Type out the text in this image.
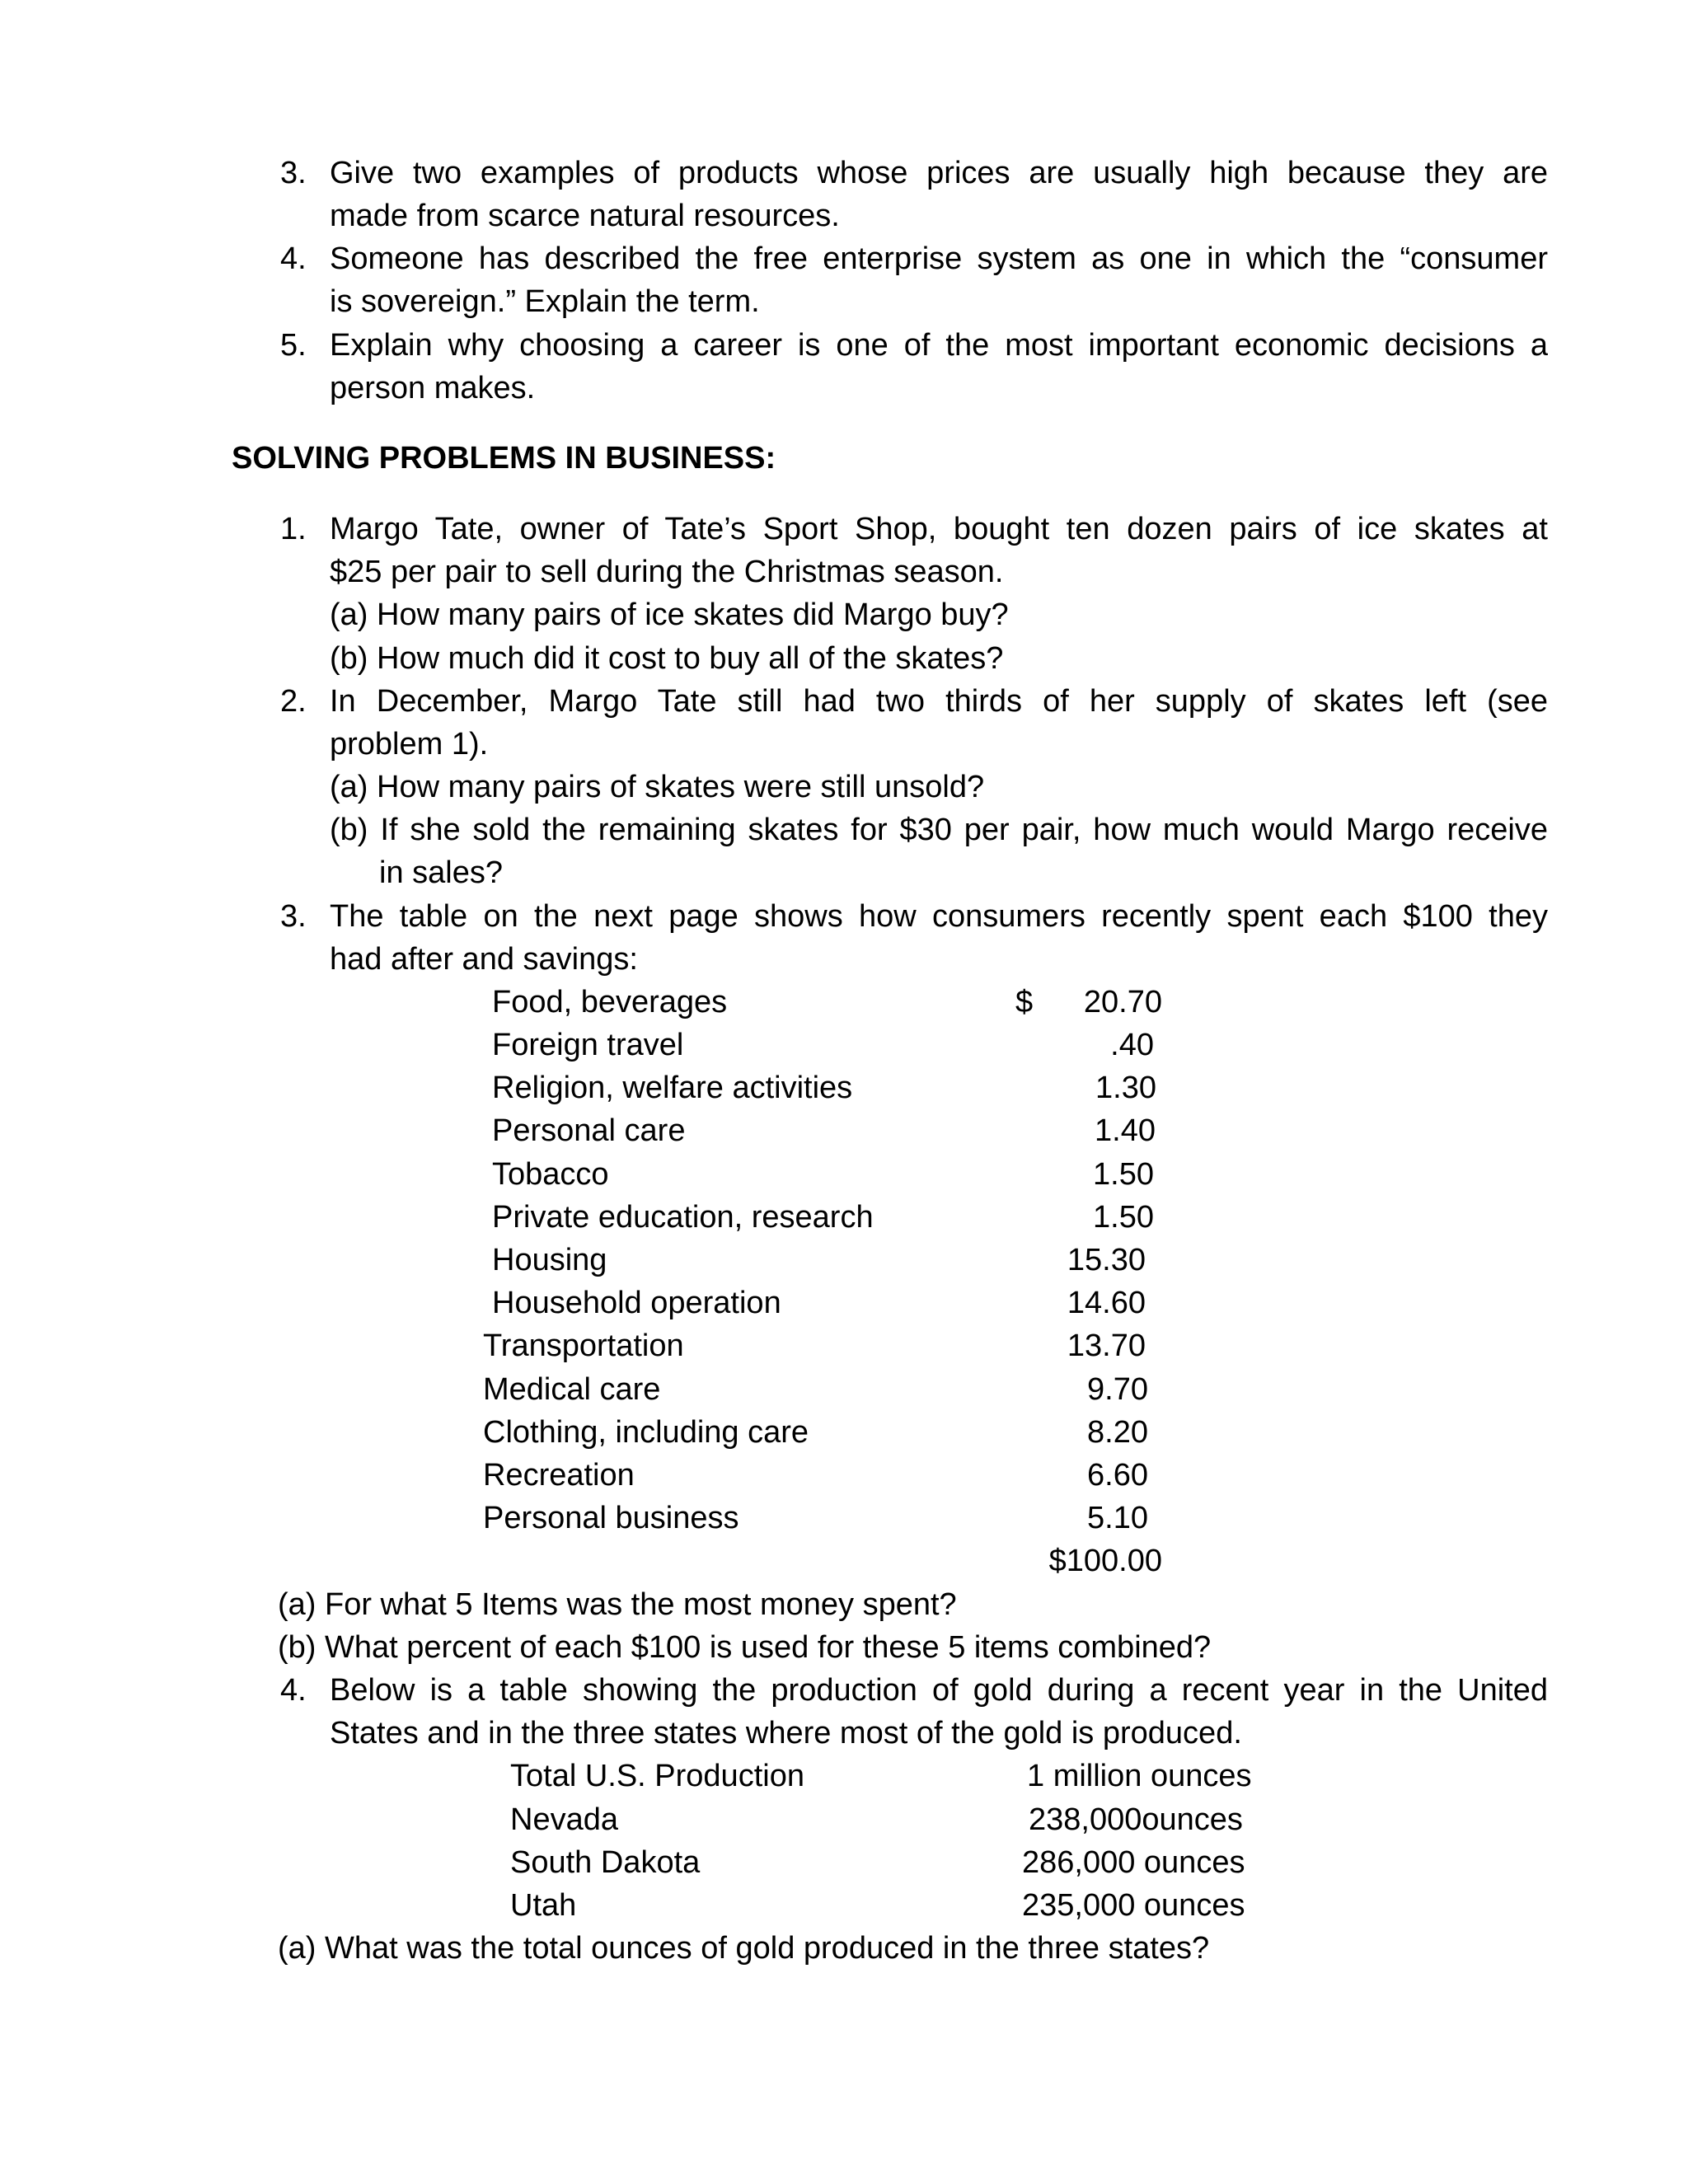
3. Give two examples of products whose prices are usually high because they are
made from scarce natural resources.
4. Someone has described the free enterprise system as one in which the “consumer
is sovereign.” Explain the term.
5. Explain why choosing a career is one of the most important economic decisions a
person makes.
SOLVING PROBLEMS IN BUSINESS:
1. Margo Tate, owner of Tate’s Sport Shop, bought ten dozen pairs of ice skates at
$25 per pair to sell during the Christmas season.
(a) How many pairs of ice skates did Margo buy?
(b) How much did it cost to buy all of the skates?
2. In December, Margo Tate still had two thirds of her supply of skates left (see
problem 1).
(a) How many pairs of skates were still unsold?
(b) If she sold the remaining skates for $30 per pair, how much would Margo receive
in sales?
3. The table on the next page shows how consumers recently spent each $100 they
had after and savings:
$
Food, beverages	20.70
Foreign travel	.40
Religion, welfare activities	1.30
Personal care	1.40
Tobacco	1.50
Private education, research	1.50
Housing	15.30
Household operation	14.60
Transportation	13.70
Medical care	9.70
Clothing, including care	8.20
Recreation	6.60
Personal business	5.10
$100.00
(a) For what 5 Items was the most money spent?
(b) What percent of each $100 is used for these 5 items combined?
4. Below is a table showing the production of gold during a recent year in the United
States and in the three states where most of the gold is produced.
Total U.S. Production	1 million ounces
Nevada	238,000ounces
South Dakota	286,000 ounces
Utah	235,000 ounces
(a) What was the total ounces of gold produced in the three states?
